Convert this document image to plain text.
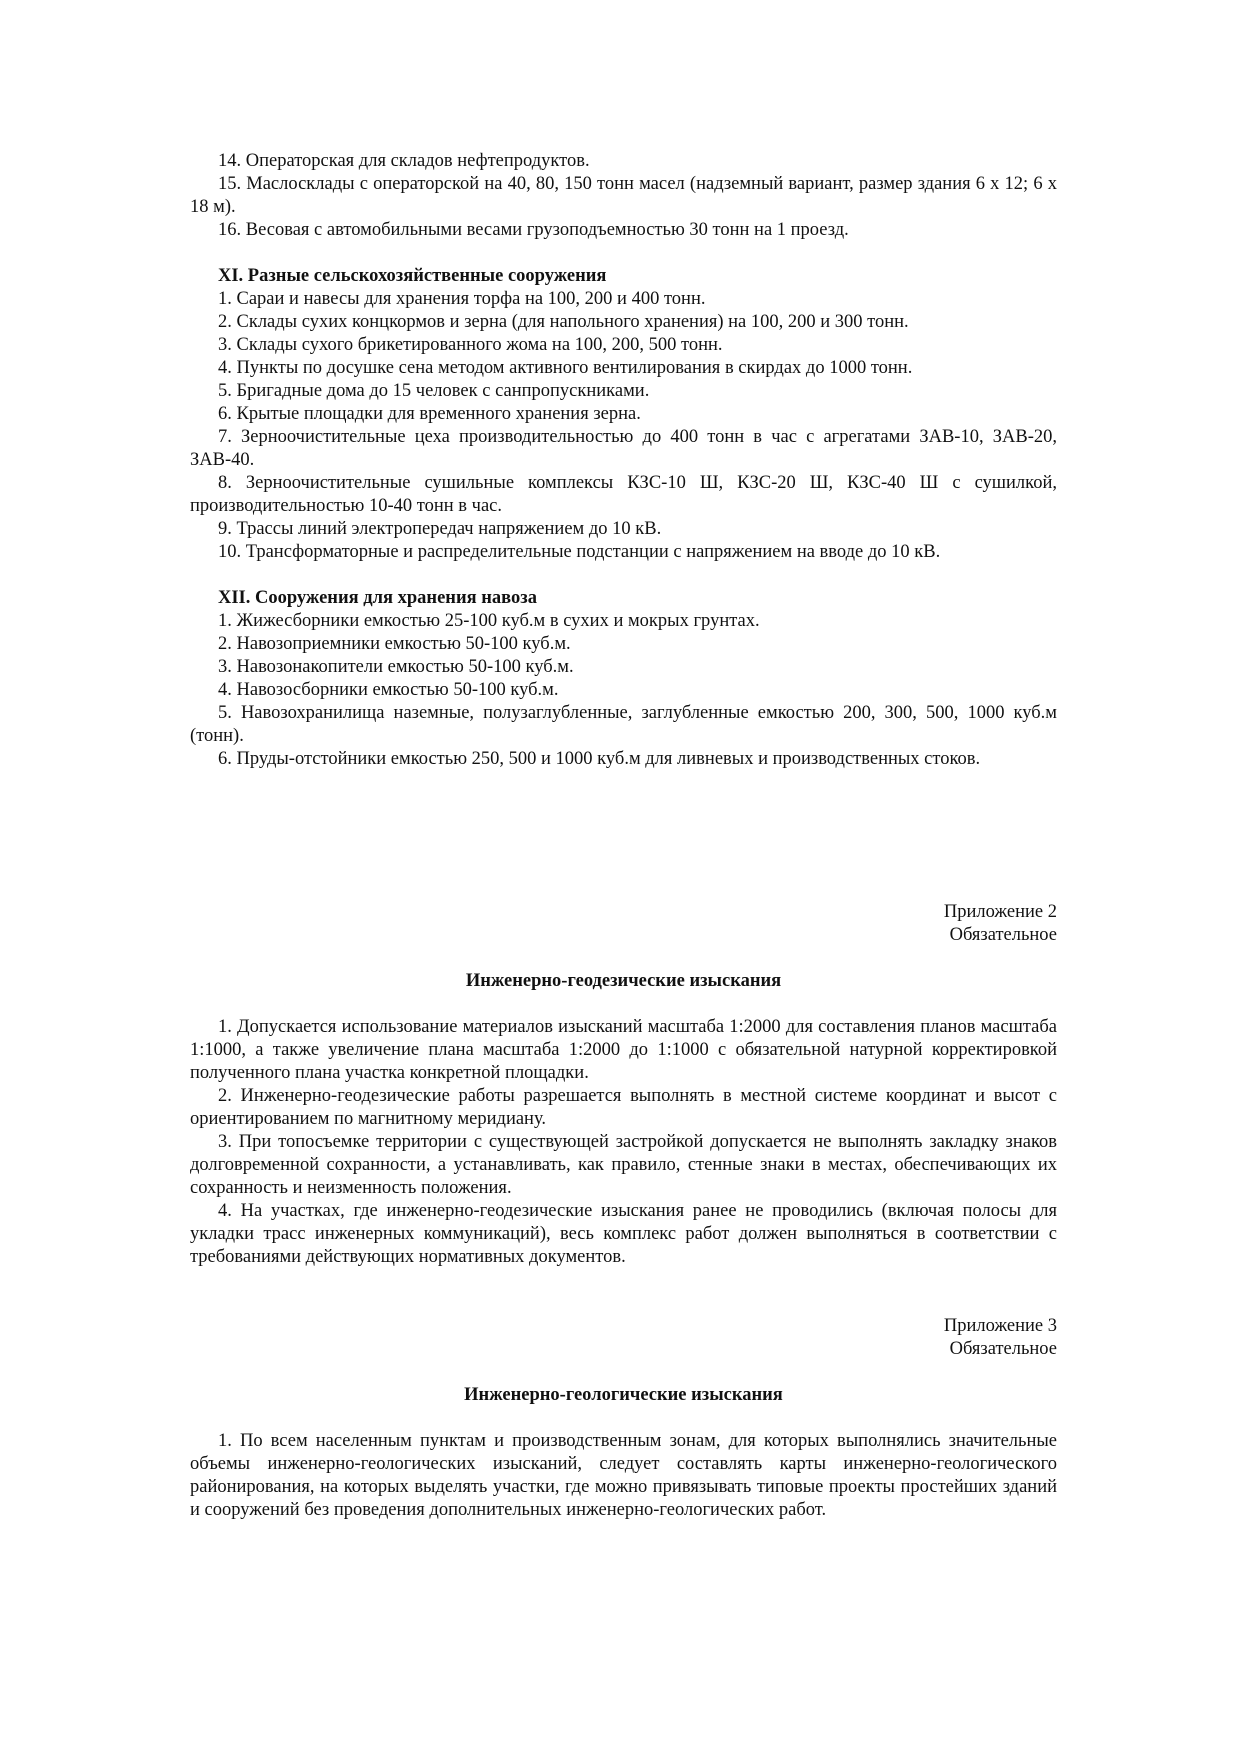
14. Операторская для складов нефтепродуктов.

15. Маслосклады с операторской на 40, 80, 150 тонн масел (надземный вариант, размер здания 6 х 12; 6 х 18 м).

16. Весовая с автомобильными весами грузоподъемностью 30 тонн на 1 проезд.

XI. Разные сельскохозяйственные сооружения

1. Сараи и навесы для хранения торфа на 100, 200 и 400 тонн.

2. Склады сухих концкормов и зерна (для напольного хранения) на 100, 200 и 300 тонн.

3. Склады сухого брикетированного жома на 100, 200, 500 тонн.

4. Пункты по досушке сена методом активного вентилирования в скирдах до 1000 тонн.

5. Бригадные дома до 15 человек с санпропускниками.

6. Крытые площадки для временного хранения зерна.

7. Зерноочистительные цеха производительностью до 400 тонн в час с агрегатами ЗАВ-10, ЗАВ-20, ЗАВ-40.

8. Зерноочистительные сушильные комплексы КЗС-10 Ш, КЗС-20 Ш, КЗС-40 Ш с сушилкой, производительностью 10-40 тонн в час.

9. Трассы линий электропередач напряжением до 10 кВ.

10. Трансформаторные и распределительные подстанции с напряжением на вводе до 10 кВ.

XII. Сооружения для хранения навоза

1. Жижесборники емкостью 25-100 куб.м в сухих и мокрых грунтах.

2. Навозоприемники емкостью 50-100 куб.м.

3. Навозонакопители емкостью 50-100 куб.м.

4. Навозосборники емкостью 50-100 куб.м.

5. Навозохранилища наземные, полузаглубленные, заглубленные емкостью 200, 300, 500, 1000 куб.м (тонн).

6. Пруды-отстойники емкостью 250, 500 и 1000 куб.м для ливневых и производственных стоков.

Приложение 2

Обязательное

Инженерно-геодезические изыскания

1. Допускается использование материалов изысканий масштаба 1:2000 для составления планов масштаба 1:1000, а также увеличение плана масштаба 1:2000 до 1:1000 с обязательной натурной корректировкой полученного плана участка конкретной площадки.

2. Инженерно-геодезические работы разрешается выполнять в местной системе координат и высот с ориентированием по магнитному меридиану.

3. При топосъемке территории с существующей застройкой допускается не выполнять закладку знаков долговременной сохранности, а устанавливать, как правило, стенные знаки в местах, обеспечивающих их сохранность и неизменность положения.

4. На участках, где инженерно-геодезические изыскания ранее не проводились (включая полосы для укладки трасс инженерных коммуникаций), весь комплекс работ должен выполняться в соответствии с требованиями действующих нормативных документов.

Приложение 3

Обязательное

Инженерно-геологические изыскания

1. По всем населенным пунктам и производственным зонам, для которых выполнялись значительные объемы инженерно-геологических изысканий, следует составлять карты инженерно-геологического районирования, на которых выделять участки, где можно привязывать типовые проекты простейших зданий и сооружений без проведения дополнительных инженерно-геологических работ.
